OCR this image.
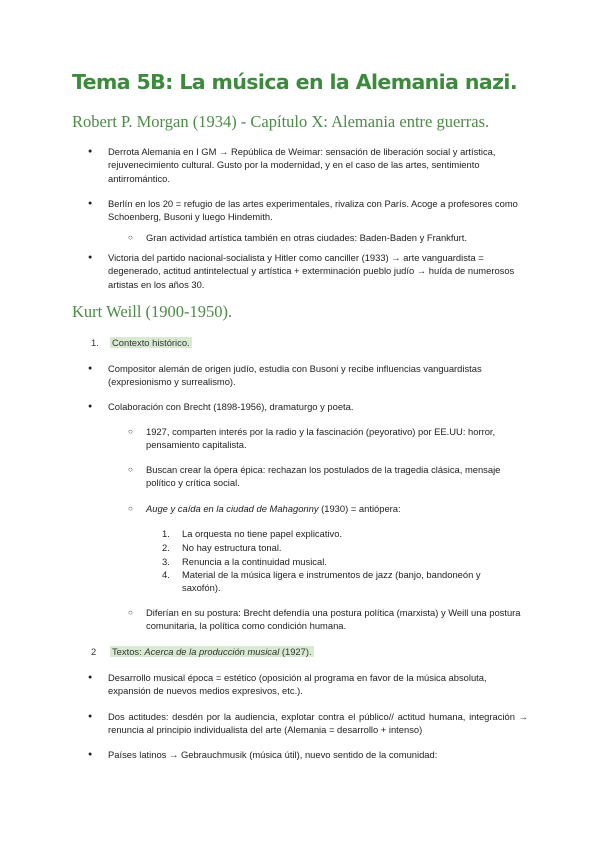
Tema 5B: La música en la Alemania nazi.
Robert P. Morgan (1934) - Capítulo X: Alemania entre guerras.
● Derrota Alemania en I GM → República de Weimar: sensación de liberación social y artística, rejuvenecimiento cultural. Gusto por la modernidad, y en el caso de las artes, sentimiento antirromántico.
● Berlín en los 20 = refugio de las artes experimentales, rivaliza con París. Acoge a profesores como Schoenberg, Busoni y luego Hindemith.
○ Gran actividad artística también en otras ciudades: Baden-Baden y Frankfurt.
● Victoria del partido nacional-socialista y Hitler como canciller (1933) → arte vanguardista = degenerado, actitud antintelectual y artística + exterminación pueblo judío → huída de numerosos artistas en los años 30.
Kurt Weill (1900-1950).
1. Contexto histórico.
● Compositor alemán de origen judío, estudia con Busoni y recibe influencias vanguardistas (expresionismo y surrealismo).
● Colaboración con Brecht (1898-1956), dramaturgo y poeta.
○ 1927, comparten interés por la radio y la fascinación (peyorativo) por EE.UU: horror, pensamiento capitalista.
○ Buscan crear la ópera épica: rechazan los postulados de la tragedia clásica, mensaje político y crítica social.
○ Auge y caída en la ciudad de Mahagonny (1930) = antiópera:
1. La orquesta no tiene papel explicativo.
2. No hay estructura tonal.
3. Renuncia a la continuidad musical.
4. Material de la música ligera e instrumentos de jazz (banjo, bandoneón y saxofón).
○ Diferían en su postura: Brecht defendía una postura política (marxista) y Weill una postura comunitaria, la política como condición humana.
2 Textos: Acerca de la producción musical (1927).
● Desarrollo musical época = estético (oposición al programa en favor de la música absoluta, expansión de nuevos medios expresivos, etc.).
● Dos actitudes: desdén por la audiencia, explotar contra el público// actitud humana, integración → renuncia al principio individualista del arte (Alemania = desarrollo + intenso)
● Países latinos → Gebrauchmusik (música útil), nuevo sentido de la comunidad:
